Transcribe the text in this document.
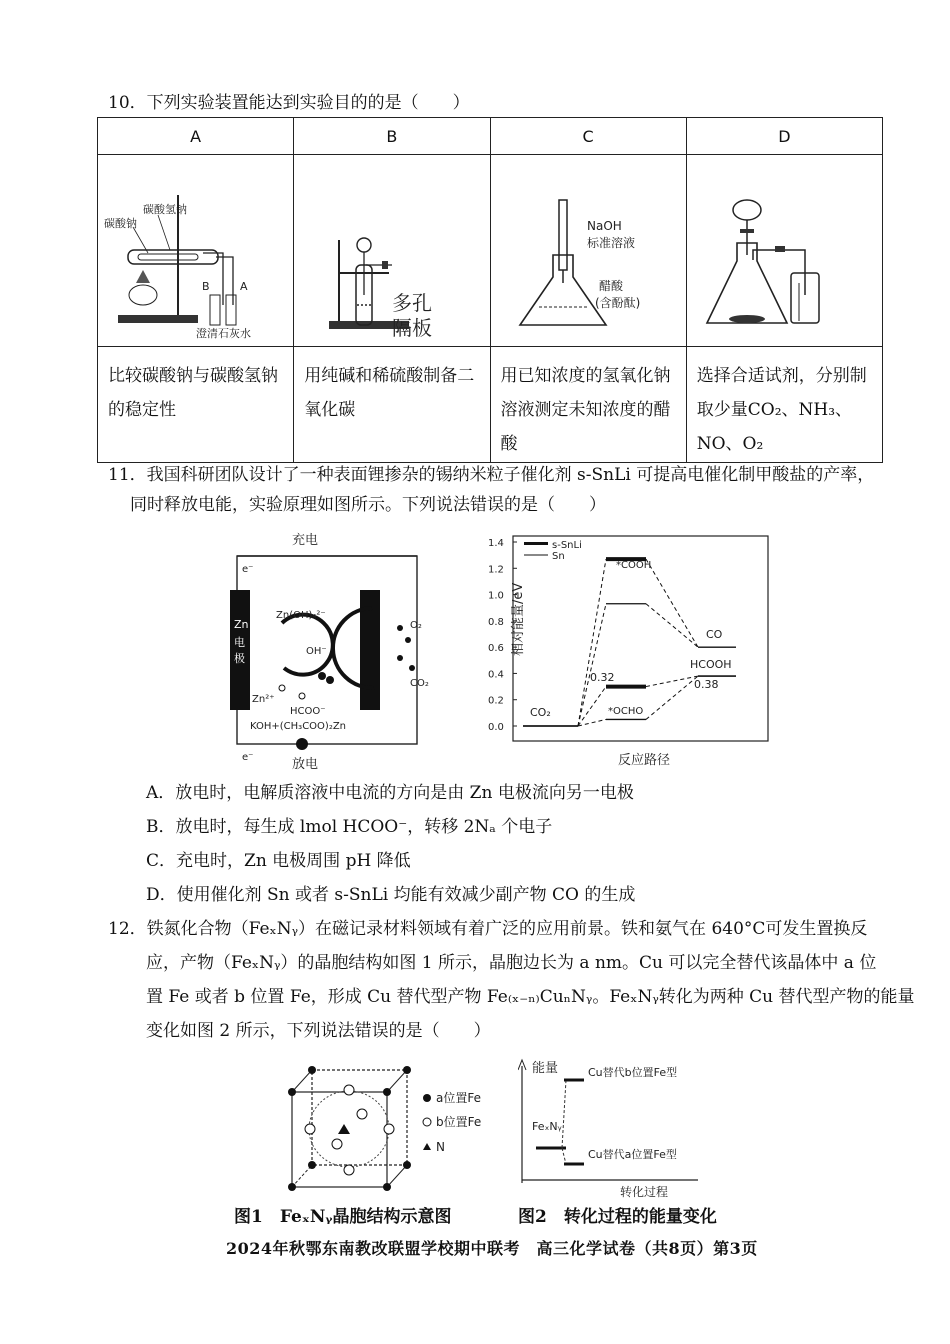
10．下列实验装置能达到实验目的的是（　　）
A	B	C	D

碳酸氢钠
碳酸钠
B A
澄清石灰水	多孔
隔板	NaOH
标准溶液
醋酸
(含酚酞)

比较碳酸钠与碳酸氢钠的稳定性	用纯碱和稀硫酸制备二氧化碳	用已知浓度的氢氧化钠溶液测定未知浓度的醋酸	选择合适试剂，分别制取少量CO₂、NH₃、NO、O₂
11．我国科研团队设计了一种表面锂掺杂的锡纳米粒子催化剂 s-SnLi 可提高电催化制甲酸盐的产率，
同时释放电能，实验原理如图所示。下列说法错误的是（　　）
充电
e⁻
Zn
电
极
Zn(OH)₄²⁻
OH⁻
Zn²⁺
HCOO⁻
KOH+(CH₃COO)₂Zn
O₂
CO₂
e⁻	放电
0.0
0.2
0.4
0.6
0.8
1.0
1.2
1.4
相对能量/eV
反应路径
s-SnLi
Sn
CO₂
*COOH
*OCHO
CO
HCOOH
0.32
0.38
A．放电时，电解质溶液中电流的方向是由 Zn 电极流向另一电极
B．放电时，每生成 lmol HCOO⁻，转移 2Nₐ 个电子
C．充电时，Zn 电极周围 pH 降低
D．使用催化剂 Sn 或者 s-SnLi 均能有效减少副产物 CO 的生成
12．铁氮化合物（FeₓNᵧ）在磁记录材料领域有着广泛的应用前景。铁和氨气在 640°C可发生置换反
应，产物（FeₓNᵧ）的晶胞结构如图 1 所示，晶胞边长为 a nm。Cu 可以完全替代该晶体中 a 位
置 Fe 或者 b 位置 Fe，形成 Cu 替代型产物 Fe₍ₓ₋ₙ₎CuₙNᵧ。FeₓNᵧ转化为两种 Cu 替代型产物的能量
变化如图 2 所示，下列说法错误的是（　　）
a位置Fe
b位置Fe
N
能量
FeₓNᵧ
Cu替代b位置Fe型
Cu替代a位置Fe型
转化过程
图1　FeₓNᵧ晶胞结构示意图	图2　转化过程的能量变化
2024年秋鄂东南教改联盟学校期中联考　高三化学试卷（共8页）第3页
